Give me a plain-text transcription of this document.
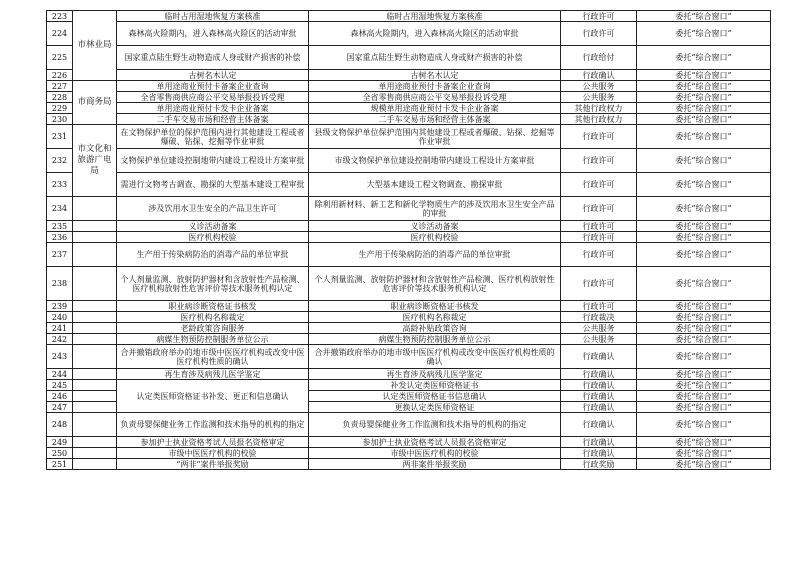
223	市林业局	临时占用湿地恢复方案核准	临时占用湿地恢复方案核准	行政许可	委托“综合窗口”
224		森林高火险期内，进入森林高火险区的活动审批	森林高火险期内，进入森林高火险区的活动审批	行政许可	委托“综合窗口”
225		国家重点陆生野生动物造成人身或财产损害的补偿	国家重点陆生野生动物造成人身或财产损害的补偿	行政给付	委托“综合窗口”
226		古树名木认定	古树名木认定	行政确认	委托“综合窗口”
227	市商务局	单用途商业预付卡备案企业查询	单用途商业预付卡备案企业查询	公共服务	委托“综合窗口”
228		全省零售商供应商公平交易举报投诉受理	全省零售商供应商公平交易举报投诉受理	公共服务	委托“综合窗口”
229		单用途商业预付卡发卡企业备案	规模单用途商业预付卡发卡企业备案	其他行政权力	委托“综合窗口”
230		二手车交易市场和经营主体备案	二手车交易市场和经营主体备案	其他行政权力	委托“综合窗口”
231	市文化和旅游广电局	在文物保护单位的保护范围内进行其他建设工程或者爆破、钻探、挖掘等作业审批	县级文物保护单位保护范围内其他建设工程或者爆破、钻探、挖掘等作业审批	行政许可	委托“综合窗口”
232		文物保护单位建设控制地带内建设工程设计方案审批	市级文物保护单位建设控制地带内建设工程设计方案审批	行政许可	委托“综合窗口”
233		需进行文物考古调查、勘探的大型基本建设工程审批	大型基本建设工程文物调查、勘探审批	行政许可	委托“综合窗口”
234		涉及饮用水卫生安全的产品卫生许可	除利用新材料、新工艺和新化学物质生产的涉及饮用水卫生安全产品的审批	行政许可	委托“综合窗口”
235		义诊活动备案	义诊活动备案	行政许可	委托“综合窗口”
236		医疗机构校验	医疗机构校验	行政许可	委托“综合窗口”
237		生产用于传染病防治的消毒产品的单位审批	生产用于传染病防治的消毒产品的单位审批	行政许可	委托“综合窗口”
238		个人剂量监测、放射防护器材和含放射性产品检测、医疗机构放射性危害评价等技术服务机构认定	个人剂量监测、放射防护器材和含放射性产品检测、医疗机构放射性危害评价等技术服务机构认定	行政许可	委托“综合窗口”
239		职业病诊断资格证书核发	职业病诊断资格证书核发	行政许可	委托“综合窗口”
240		医疗机构名称裁定	医疗机构名称裁定	行政裁决	委托“综合窗口”
241		老龄政策咨询服务	高龄补贴政策咨询	公共服务	委托“综合窗口”
242		病媒生物预防控制服务单位公示	病媒生物预防控制服务单位公示	公共服务	委托“综合窗口”
243		合并撤销政府举办的地市级中医医疗机构或改变中医医疗机构性质的确认	合并撤销政府举办的地市级中医医疗机构或改变中医医疗机构性质的确认	行政确认	委托“综合窗口”
244		再生育涉及病残儿医学鉴定	再生育涉及病残儿医学鉴定	行政确认	委托“综合窗口”
245		认定类医师资格证书补发、更正和信息确认	补发认定类医师资格证书	行政确认	委托“综合窗口”
246			认定类医师资格证书信息确认	行政确认	委托“综合窗口”
247			更换认定类医师资格证	行政确认	委托“综合窗口”
248		负责母婴保健业务工作监测和技术指导的机构的指定	负责母婴保健业务工作监测和技术指导的机构的指定	行政确认	委托“综合窗口”
249		参加护士执业资格考试人员报名资格审定	参加护士执业资格考试人员报名资格审定	行政确认	委托“综合窗口”
250		市级中医医疗机构的校验	市级中医医疗机构的校验	行政确认	委托“综合窗口”
251		“两非”案件举报奖励	两非案件举报奖励	行政奖励	委托“综合窗口”
